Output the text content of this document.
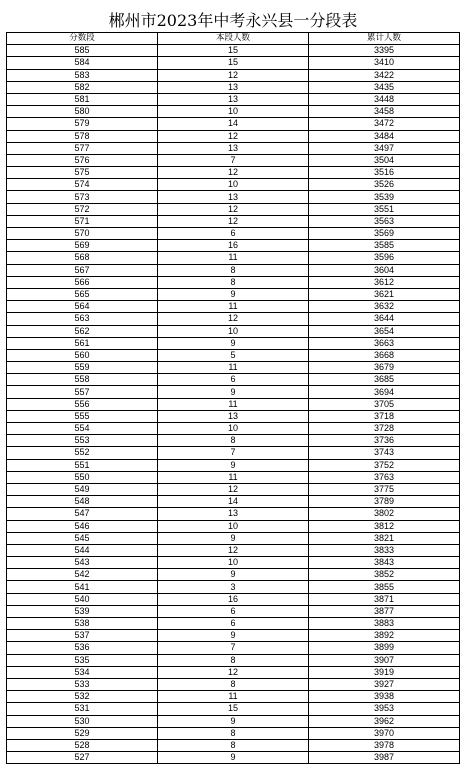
郴州市2023年中考永兴县一分段表
分数段	本段人数	累计人数
585	15	3395
584	15	3410
583	12	3422
582	13	3435
581	13	3448
580	10	3458
579	14	3472
578	12	3484
577	13	3497
576	7	3504
575	12	3516
574	10	3526
573	13	3539
572	12	3551
571	12	3563
570	6	3569
569	16	3585
568	11	3596
567	8	3604
566	8	3612
565	9	3621
564	11	3632
563	12	3644
562	10	3654
561	9	3663
560	5	3668
559	11	3679
558	6	3685
557	9	3694
556	11	3705
555	13	3718
554	10	3728
553	8	3736
552	7	3743
551	9	3752
550	11	3763
549	12	3775
548	14	3789
547	13	3802
546	10	3812
545	9	3821
544	12	3833
543	10	3843
542	9	3852
541	3	3855
540	16	3871
539	6	3877
538	6	3883
537	9	3892
536	7	3899
535	8	3907
534	12	3919
533	8	3927
532	11	3938
531	15	3953
530	9	3962
529	8	3970
528	8	3978
527	9	3987
